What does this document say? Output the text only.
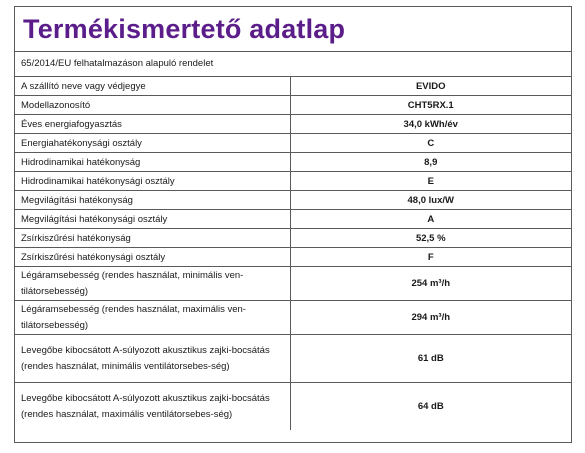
Termékismertető adatlap
65/2014/EU felhatalmazáson alapuló rendelet
A szállító neve vagy védjegye	EVIDO
Modellazonosító	CHT5RX.1
Éves energiafogyasztás	34,0 kWh/év
Energiahatékonysági osztály	C
Hidrodinamikai hatékonyság	8,9
Hidrodinamikai hatékonysági osztály	E
Megvilágítási hatékonyság	48,0 lux/W
Megvilágítási hatékonysági osztály	A
Zsírkiszűrési hatékonyság	52,5 %
Zsírkiszűrési hatékonysági osztály	F
Légáramsebesség (rendes használat, minimális ven-tilátorsebesség)	254 m³/h
Légáramsebesség (rendes használat, maximális ven-tilátorsebesség)	294 m³/h
Levegőbe kibocsátott A-súlyozott akusztikus zajki-bocsátás (rendes használat, minimális ventilátorsebes-ség)	61 dB
Levegőbe kibocsátott A-súlyozott akusztikus zajki-bocsátás (rendes használat, maximális ventilátorsebes-ség)	64 dB
